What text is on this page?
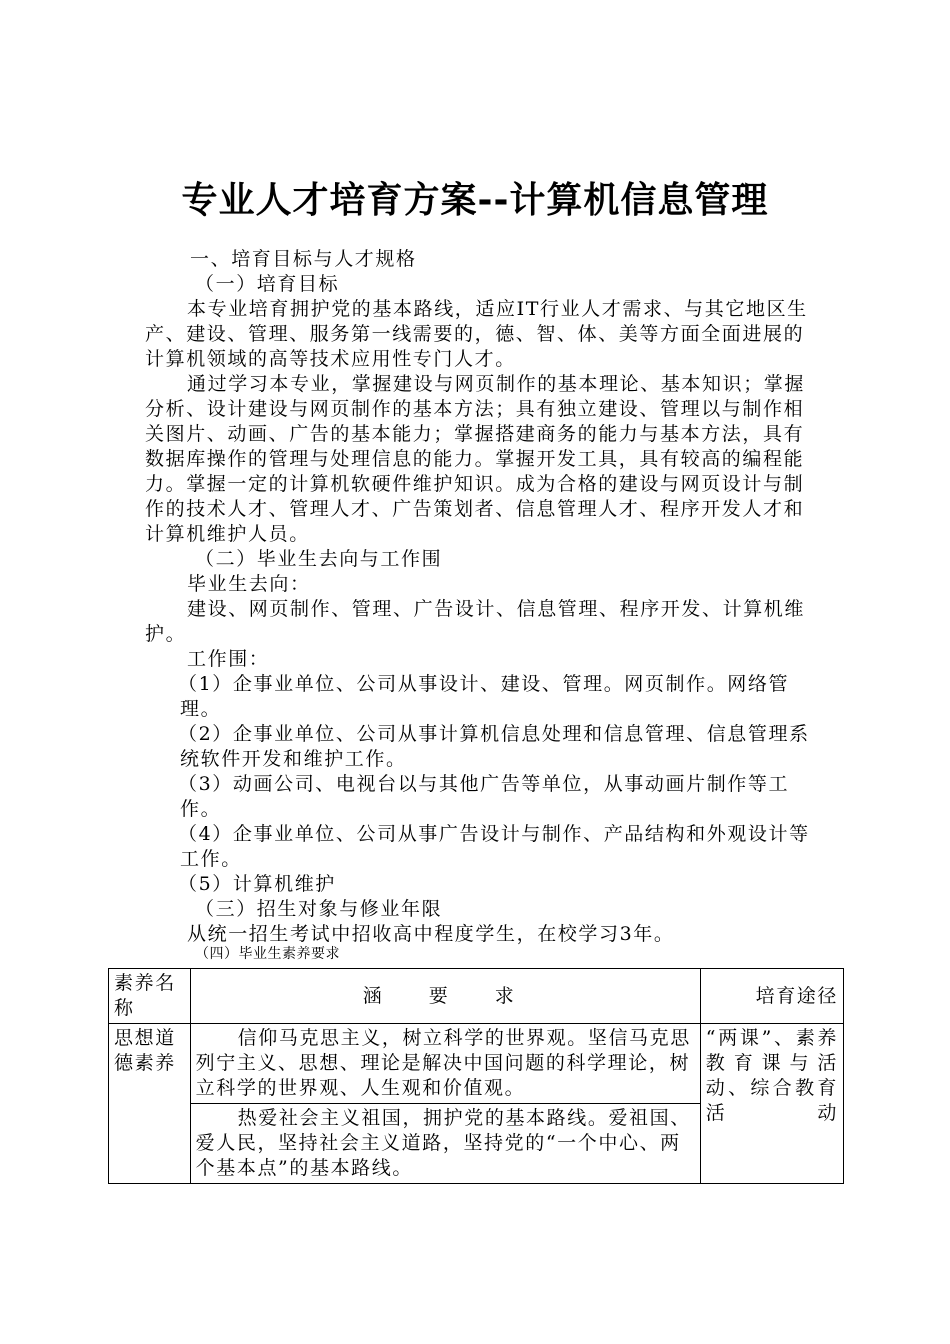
专业人才培育方案--计算机信息管理

一、培育目标与人才规格

（一）培育目标

本专业培育拥护党的基本路线，适应IT行业人才需求、与其它地区生产、建设、管理、服务第一线需要的，德、智、体、美等方面全面进展的计算机领域的高等技术应用性专门人才。

通过学习本专业，掌握建设与网页制作的基本理论、基本知识；掌握分析、设计建设与网页制作的基本方法；具有独立建设、管理以与制作相关图片、动画、广告的基本能力；掌握搭建商务的能力与基本方法，具有数据库操作的管理与处理信息的能力。掌握开发工具，具有较高的编程能力。掌握一定的计算机软硬件维护知识。成为合格的建设与网页设计与制作的技术人才、管理人才、广告策划者、信息管理人才、程序开发人才和计算机维护人员。

（二）毕业生去向与工作围

毕业生去向：

建设、网页制作、管理、广告设计、信息管理、程序开发、计算机维护。

工作围：

（1）企事业单位、公司从事设计、建设、管理。网页制作。网络管理。

（2）企事业单位、公司从事计算机信息处理和信息管理、信息管理系统软件开发和维护工作。

（3）动画公司、电视台以与其他广告等单位，从事动画片制作等工作。

（4）企事业单位、公司从事广告设计与制作、产品结构和外观设计等工作。

（5）计算机维护

（三）招生对象与修业年限

从统一招生考试中招收高中程度学生，在校学习3年。

（四）毕业生素养要求
素养名称	涵　要　求	培育途径
思想道德素养	信仰马克思主义，树立科学的世界观。坚信马克思列宁主义、思想、理论是解决中国问题的科学理论，树立科学的世界观、人生观和价值观。	“两课”、素养教育课与活动、综合教育活动

	热爱社会主义祖国，拥护党的基本路线。爱祖国、爱人民，坚持社会主义道路，坚持党的“一个中心、两个基本点”的基本路线。	
